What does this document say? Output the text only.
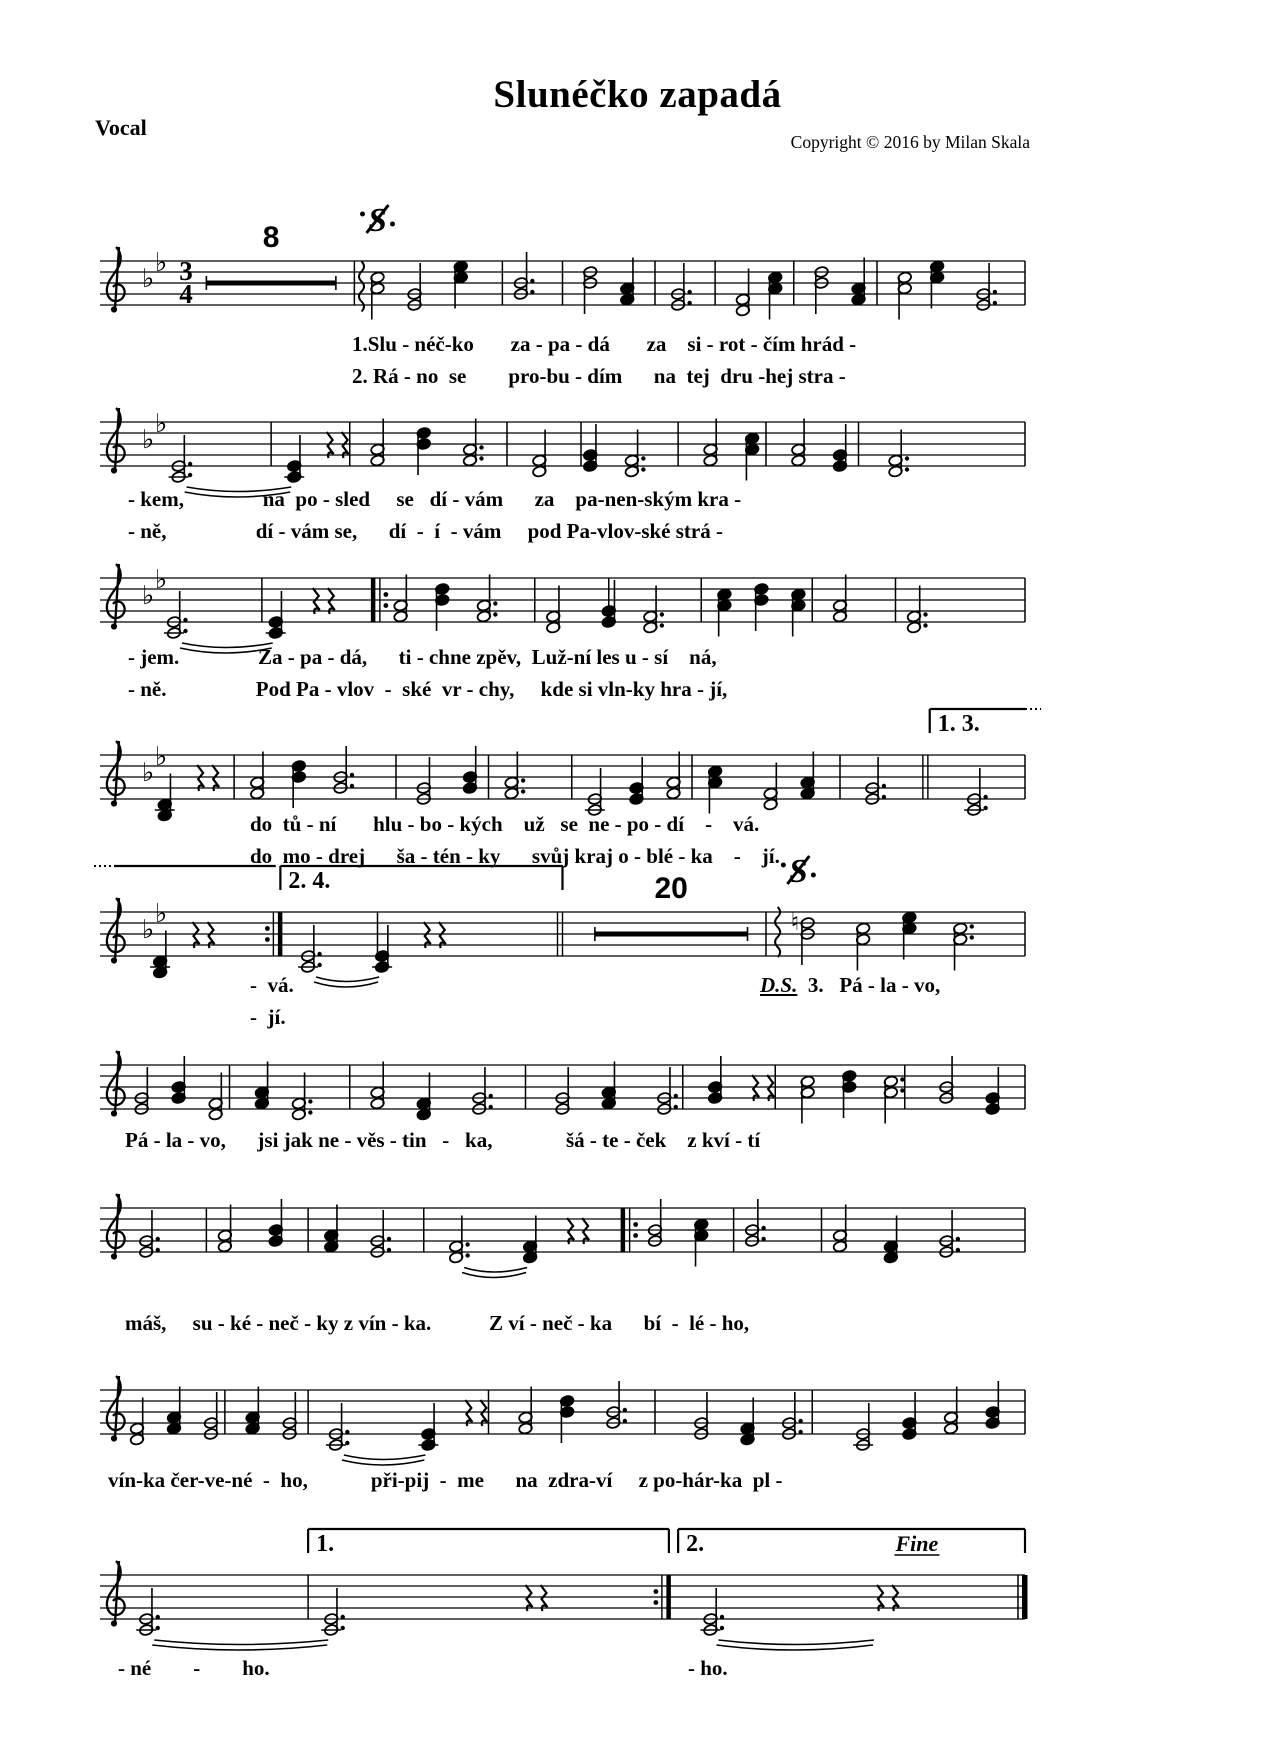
Slunéčko zapadá
Vocal
Copyright © 2016 by Milan Skala
♭
♭ 3
4
8	S
♭
♭
♭
♭
♭
♭
1. 3.
♭
♭
20	S
2. 4.
♮
1.	2.	Fine
1.Slu - néč-ko       za - pa - dá       za    si - rot - čím hrád -
2. Rá - no  se        pro-bu - dím      na  tej  dru -hej stra -
- kem,               na  po - sled     se   dí - vám      za    pa-nen-ským kra -
- ně,                 dí - vám se,      dí  -  í  - vám     pod Pa-vlov-ské strá -
- jem.               Za - pa - dá,      ti - chne zpěv,  Luž-ní les u - sí    ná,
- ně.                 Pod Pa - vlov  -  ské  vr - chy,     kde si vln-ky hra - jí,
do  tů - ní       hlu - bo - kých    už   se  ne - po - dí    -    vá.
do  mo - drej      ša - tén - ky      svůj kraj o - blé - ka    -    jí.
-  vá.	D.S.  3.   Pá - la - vo,
-  jí.
Pá - la - vo,      jsi jak ne - věs - tin   -   ka,              šá - te - ček    z kví - tí
máš,     su - ké - neč - ky z vín - ka.           Z ví - neč - ka      bí  -  lé - ho,
vín-ka čer-ve-né  -  ho,            při-pij  -  me      na  zdra-ví     z po-hár-ka  pl -
- né        -        ho.	- ho.
